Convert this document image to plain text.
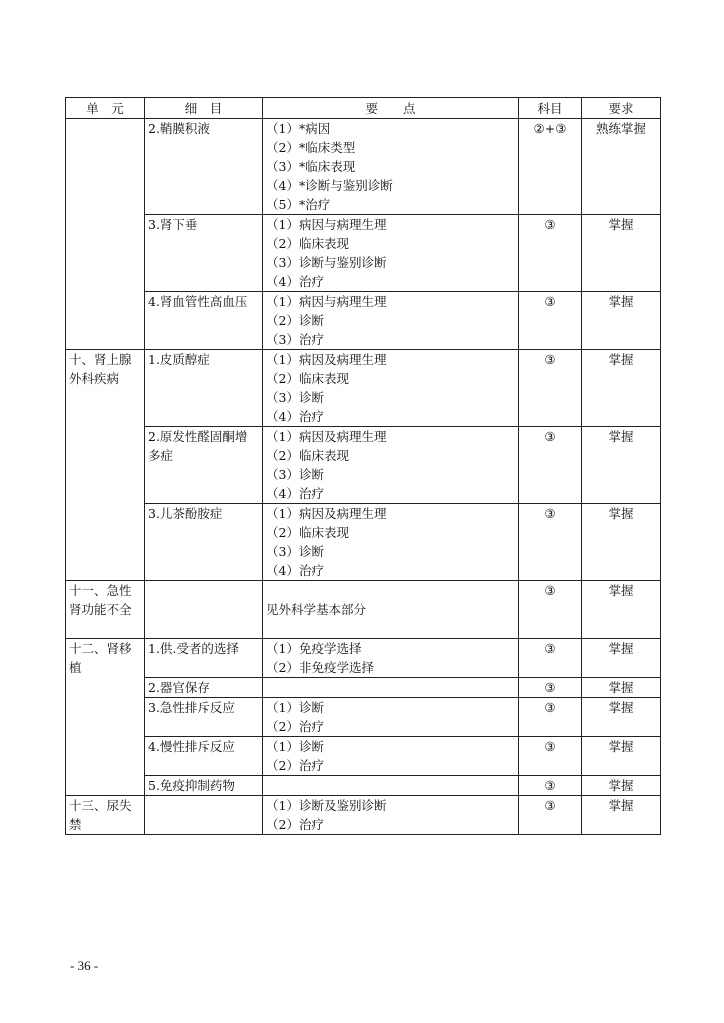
单　元	细　目	要　　点	科目	要求
	2.鞘膜积液	（1）*病因
（2）*临床类型
（3）*临床表现
（4）*诊断与鉴别诊断
（5）*治疗	②+③	熟练掌握
	3.肾下垂	（1）病因与病理生理
（2）临床表现
（3）诊断与鉴别诊断
（4）治疗	③	掌握
	4.肾血管性高血压	（1）病因与病理生理
（2）诊断
（3）治疗	③	掌握
十、肾上腺外科疾病	1.皮质醇症	（1）病因及病理生理
（2）临床表现
（3）诊断
（4）治疗	③	掌握
	2.原发性醛固酮增多症	（1）病因及病理生理
（2）临床表现
（3）诊断
（4）治疗	③	掌握
	3.儿茶酚胺症	（1）病因及病理生理
（2）临床表现
（3）诊断
（4）治疗	③	掌握
十一、急性肾功能不全		见外科学基本部分	③	掌握
十二、肾移植	1.供.受者的选择	（1）免疫学选择
（2）非免疫学选择	③	掌握
	2.器官保存		③	掌握
	3.急性排斥反应	（1）诊断
（2）治疗	③	掌握
	4.慢性排斥反应	（1）诊断
（2）治疗	③	掌握
	5.免疫抑制药物		③	掌握
十三、尿失禁		（1）诊断及鉴别诊断
（2）治疗	③	掌握
- 36 -
